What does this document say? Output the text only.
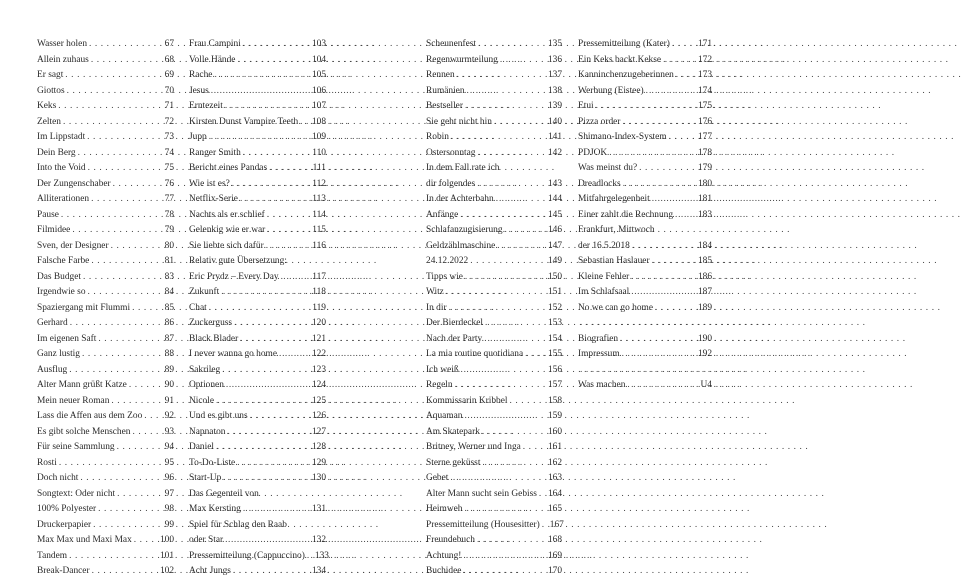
Wasser holen . . .	67
Allein zuhaus . . .	68
Er sagt . . .	69
Giottos . . .	70
Keks . . .	71
Zelten . . .	72
Im Lippstadt . . .	73
Dein Berg . . .	74
Into the Void . . .	75
Der Zungenschaber . . .	76
Alliterationen . . .	77
Pause . . .	78
Filmidee . . .	79
Sven, der Designer . . .	80
Falsche Farbe . . .	81
Das Budget . . .	83
Irgendwie so . . .	84
Spaziergang mit Flummi . . .	85
Gerhard . . .	86
Im eigenen Saft . . .	87
Ganz lustig . . .	88
Ausflug . . .	89
Alter Mann grüßt Katze . . .	90
Mein neuer Roman . . .	91
Lass die Affen aus dem Zoo . . . 92
Es gibt solche Menschen . . .	93
Für seine Sammlung . . .	94
Rosti . . .	95
Doch nicht . . .	96
Songtext: Oder nicht . . .	97
100% Polyester . . .	98
Druckerpapier . . .	99
Max Max und Maxi Max . . .	100
Tandem . . .	101
Break-Dancer . . .	102
Frau Campini . . .	103
Volle Hände . . .	104
Rache . . .	105
Jesus . . .	106
Erntezeit . . .	107
Kirsten Dunst Vampire Teeth . . . 108
Jupp . . .	109
Ranger Smith . . .	110
Bericht eines Pandas . . .	111
Wie ist es? . . .	112
Netflix-Serie . . .	113
Nachts als er schlief . . .	114
Gelenkig wie er war . . .	115
Sie liebte sich dafür . . .	116
Relativ gute Übersetzung:
Eric Prydz – Every Day . . .	117
Zukunft . . .	118
Chat . . .	119
Zuckerguss . . .	120
Black Blader . . .	121
I never wanna go home . . .	122
Sakrileg . . .	123
Optionen . . .	124
Nicole . . .	125
Und es gibt uns . . .	126
Napnaton . . .	127
Daniel . . .	128
To-Do-Liste . . .	129
Start-Up . . .	130
Das Gegenteil von
Max Kersting . . .	131
Spiel für Schlag den Raab
oder Star . . .	132
Pressemitteilung (Cappuccino) . . . 133
Acht Jungs . . .	134
Scheunenfest . . .	135
Regenwurmteilung . . .	136
Rennen . . .	137
Rumänien . . .	138
Bestseller . . .	139
Sie geht nicht hin . . .	140
Robin . . .	141
Ostersonntag . . .	142
In dem Fall rate ich
dir folgendes . . .	143
In der Achterbahn . . .	144
Anfänge . . .	145
Schlafanzugisierung . . .	146
Geldzählmaschine . . .	147
24.12.2022 . . .	149
Tipps wie . . .	150
Witz . . .	151
In dir . . .	152
Der Bierdeckel . . .	153
Nach der Party . . .	154
La mia routine quotidiana . . .	155
Ich weiß . . .	156
Regeln . . .	157
Kommissarin Kribbel . . .	158
Aquaman . . .	159
Am Skatepark . . .	160
Britney, Werner und Inga . . .	161
Sterne geküsst . . .	162
Gebet . . .	163
Alter Mann sucht sein Gebiss . . . 164
Heimweh . . .	165
Pressemitteilung (Housesitter) . . . 167
Freundebuch . . .	168
Achtung! . . .	169
Buchidee . . .	170
Pressemitteilung (Kater) . . .	171
Ein Keks backt Kekse . . .	172
Kanninchenzugeberinnen . . .	173
Werbung (Eistee) . . .	174
Etui . . .	175
Pizza order . . .	176
Shimano-Index-System . . .	177
PDJOK . . .	178
Was meinst du? . . .	179
Dreadlocks . . .	180
Mitfahrgelegenheit . . .	181
Einer zahlt die Rechnung . . .	183
Frankfurt, Mittwoch
der 16.5.2018 . . .	184
Sebastian Haslauer . . .	185
Kleine Fehler . . .	186
Im Schlafsaal . . .	187
No we can go home . . .	189
. . .
Biografien . . .	190
Impressum . . .	192
. . .
Was machen . . .	U4
